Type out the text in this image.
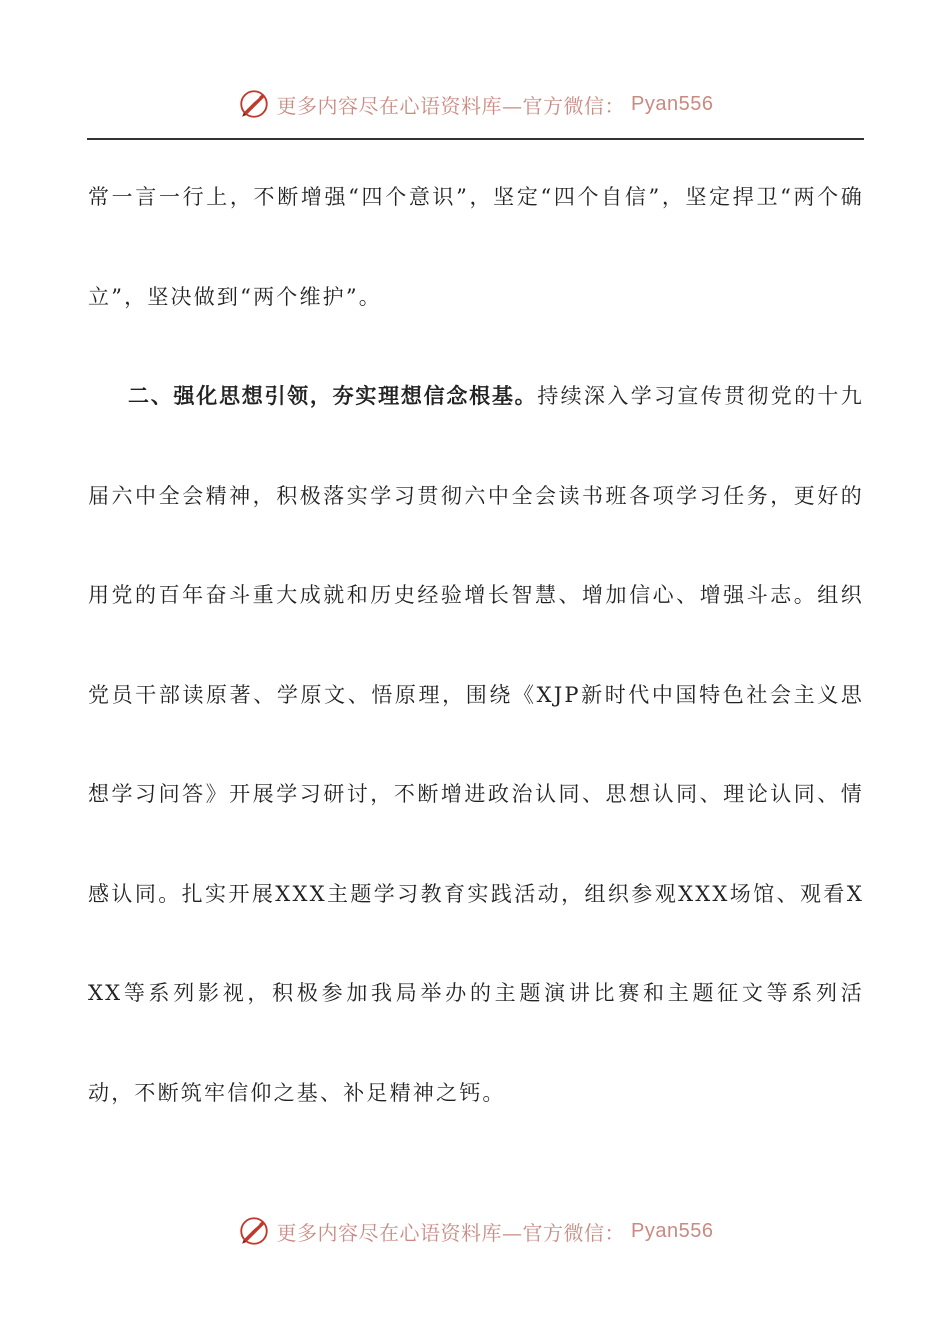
更多内容尽在心语资料库—官方微信： Pyan556

常一言一行上，不断增强“四个意识”，坚定“四个自信”，坚定捍卫“两个确立”，坚决做到“两个维护”。

二、强化思想引领，夯实理想信念根基。持续深入学习宣传贯彻党的十九届六中全会精神，积极落实学习贯彻六中全会读书班各项学习任务，更好的用党的百年奋斗重大成就和历史经验增长智慧、增加信心、增强斗志。组织党员干部读原著、学原文、悟原理，围绕《XJP新时代中国特色社会主义思想学习问答》开展学习研讨，不断增进政治认同、思想认同、理论认同、情感认同。扎实开展XXX主题学习教育实践活动，组织参观XXX场馆、观看XXX等系列影视，积极参加我局举办的主题演讲比赛和主题征文等系列活动，不断筑牢信仰之基、补足精神之钙。

更多内容尽在心语资料库—官方微信： Pyan556
